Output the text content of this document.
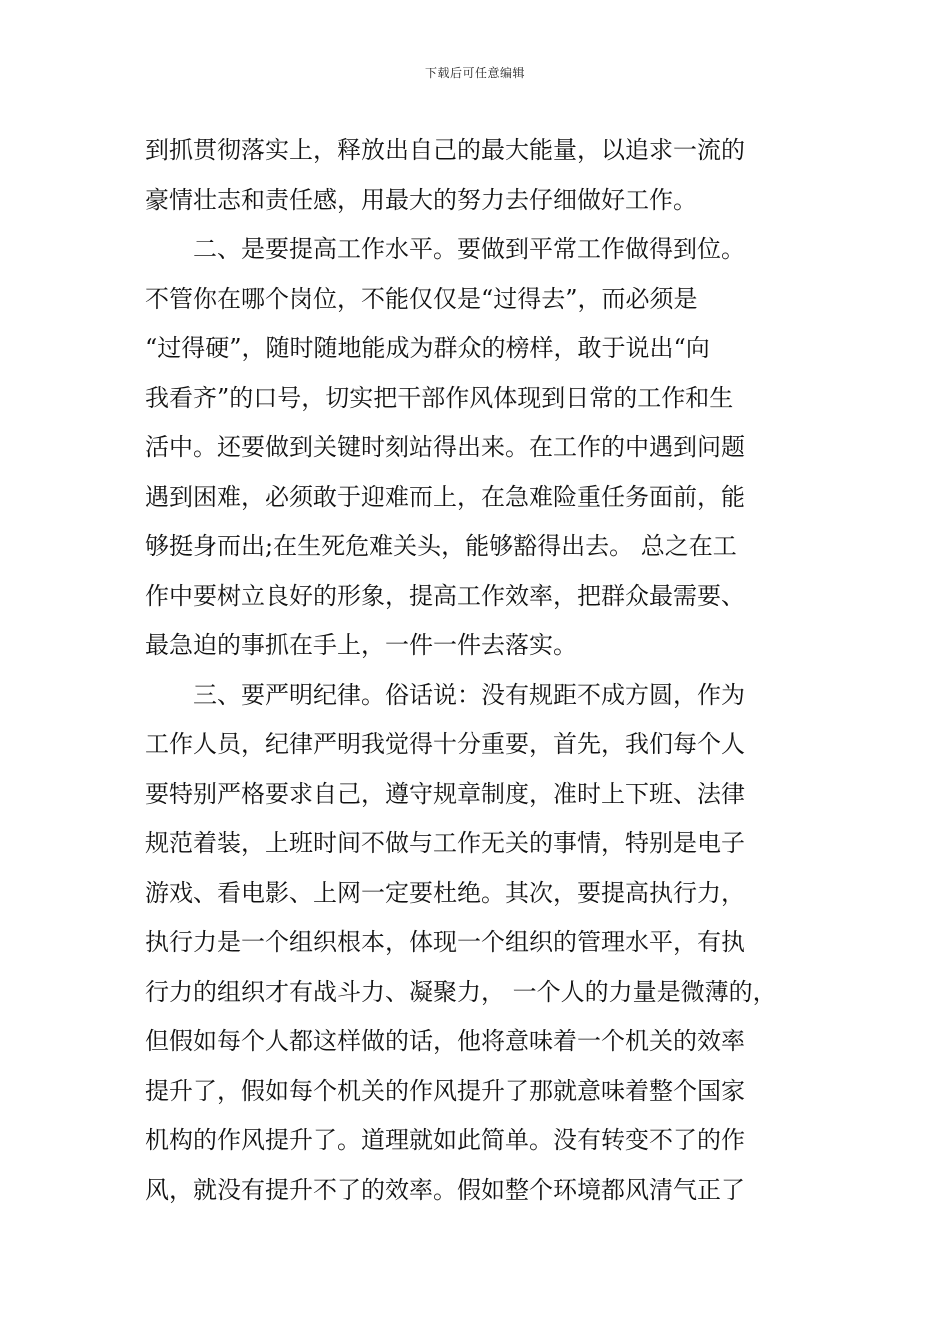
下载后可任意编辑
到抓贯彻落实上，释放出自己的最大能量，以追求一流的
豪情壮志和责任感，用最大的努力去仔细做好工作。
　　二、是要提高工作水平。要做到平常工作做得到位。
不管你在哪个岗位，不能仅仅是“过得去”，而必须是
“过得硬”，随时随地能成为群众的榜样，敢于说出“向
我看齐”的口号，切实把干部作风体现到日常的工作和生
活中。还要做到关键时刻站得出来。在工作的中遇到问题
遇到困难，必须敢于迎难而上，在急难险重任务面前，能
够挺身而出;在生死危难关头，能够豁得出去。 总之在工
作中要树立良好的形象，提高工作效率，把群众最需要、
最急迫的事抓在手上，一件一件去落实。
　　三、要严明纪律。俗话说：没有规距不成方圆，作为
工作人员，纪律严明我觉得十分重要，首先，我们每个人
要特别严格要求自己，遵守规章制度，准时上下班、法律
规范着装，上班时间不做与工作无关的事情，特别是电子
游戏、看电影、上网一定要杜绝。其次，要提高执行力，
执行力是一个组织根本，体现一个组织的管理水平，有执
行力的组织才有战斗力、凝聚力， 一个人的力量是微薄的，
但假如每个人都这样做的话，他将意味着一个机关的效率
提升了，假如每个机关的作风提升了那就意味着整个国家
机构的作风提升了。道理就如此简单。没有转变不了的作
风，就没有提升不了的效率。假如整个环境都风清气正了
